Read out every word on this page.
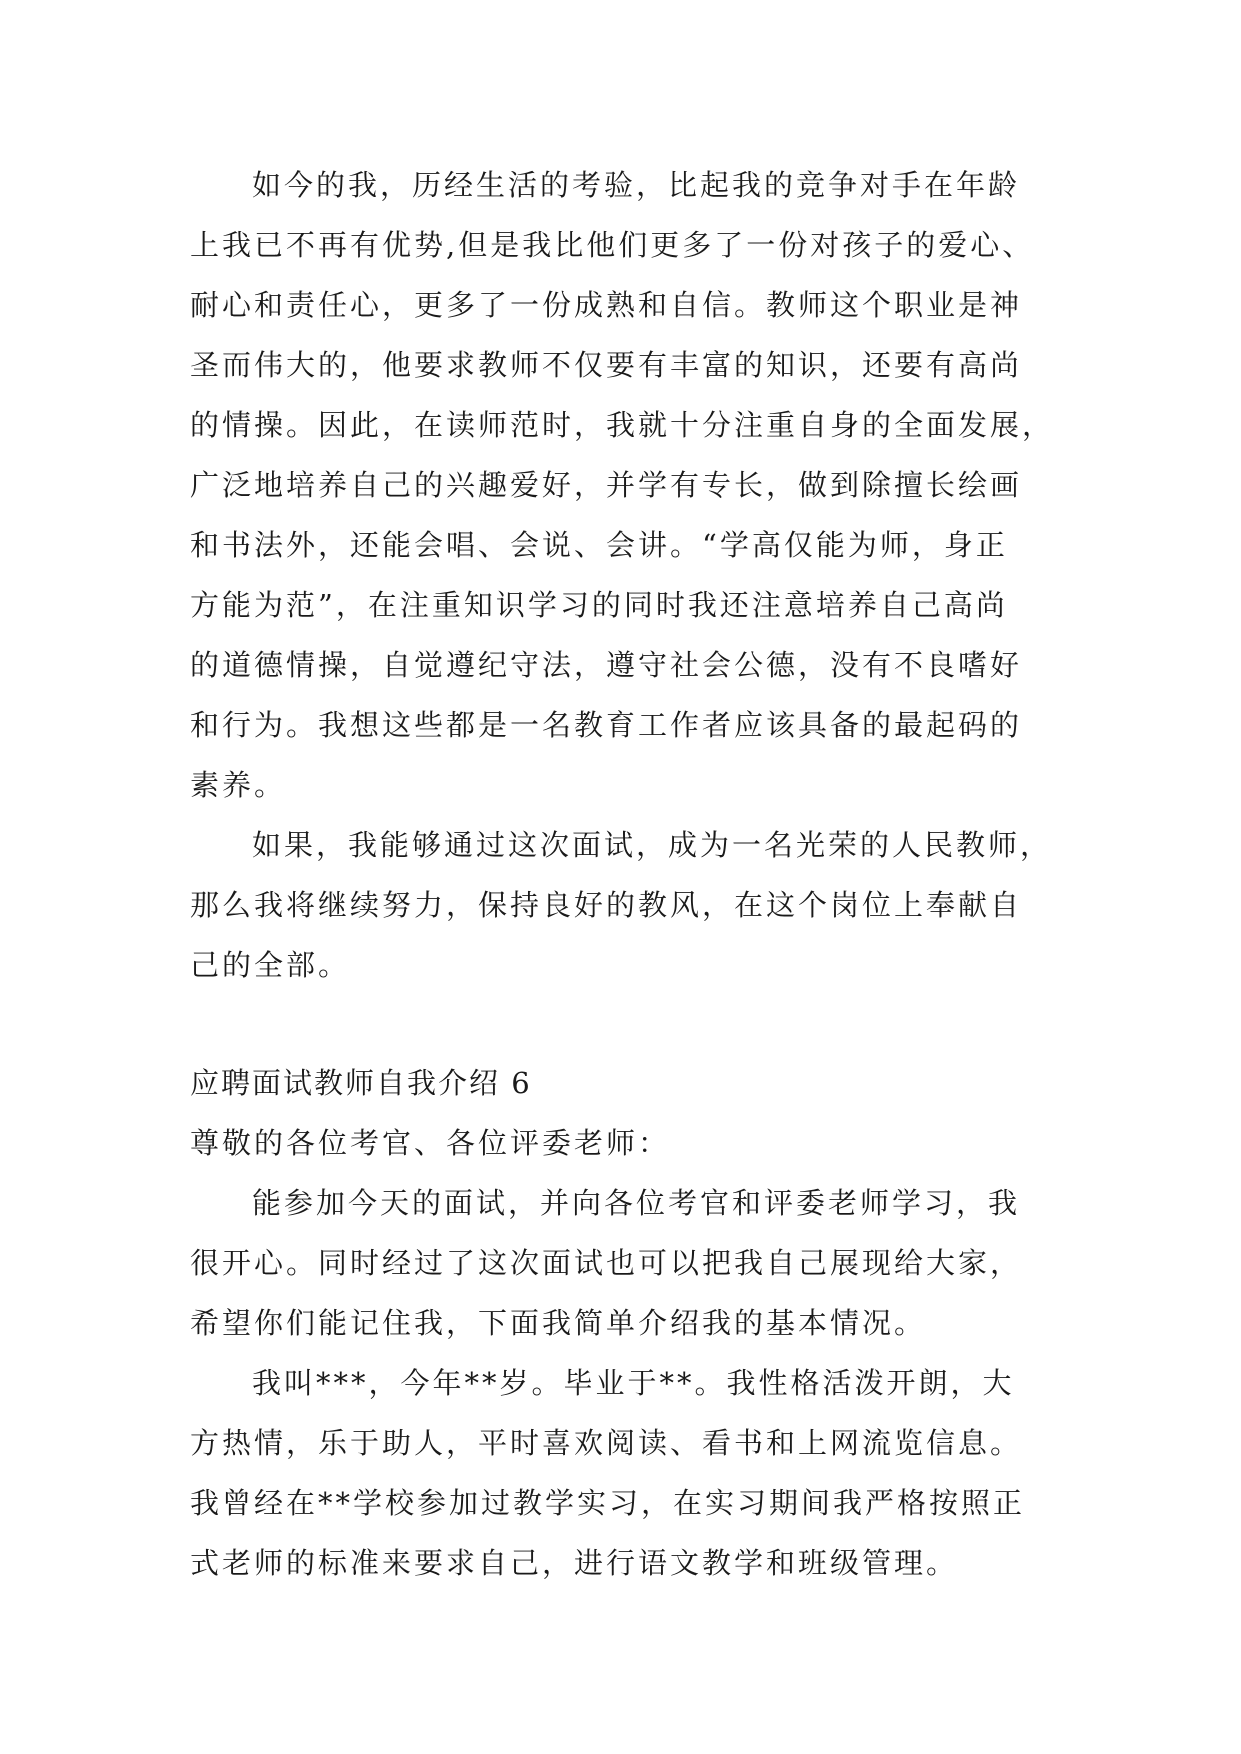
如今的我，历经生活的考验，比起我的竞争对手在年龄
上我已不再有优势,但是我比他们更多了一份对孩子的爱心、
耐心和责任心，更多了一份成熟和自信。教师这个职业是神
圣而伟大的，他要求教师不仅要有丰富的知识，还要有高尚
的情操。因此，在读师范时，我就十分注重自身的全面发展，
广泛地培养自己的兴趣爱好，并学有专长，做到除擅长绘画
和书法外，还能会唱、会说、会讲。“学高仅能为师，身正
方能为范”，在注重知识学习的同时我还注意培养自己高尚
的道德情操，自觉遵纪守法，遵守社会公德，没有不良嗜好
和行为。我想这些都是一名教育工作者应该具备的最起码的
素养。
如果，我能够通过这次面试，成为一名光荣的人民教师，
那么我将继续努力，保持良好的教风，在这个岗位上奉献自
己的全部。
应聘面试教师自我介绍 6
尊敬的各位考官、各位评委老师：
能参加今天的面试，并向各位考官和评委老师学习，我
很开心。同时经过了这次面试也可以把我自己展现给大家，
希望你们能记住我，下面我简单介绍我的基本情况。
我叫***，今年**岁。毕业于**。我性格活泼开朗，大
方热情，乐于助人，平时喜欢阅读、看书和上网流览信息。
我曾经在**学校参加过教学实习，在实习期间我严格按照正
式老师的标准来要求自己，进行语文教学和班级管理。
